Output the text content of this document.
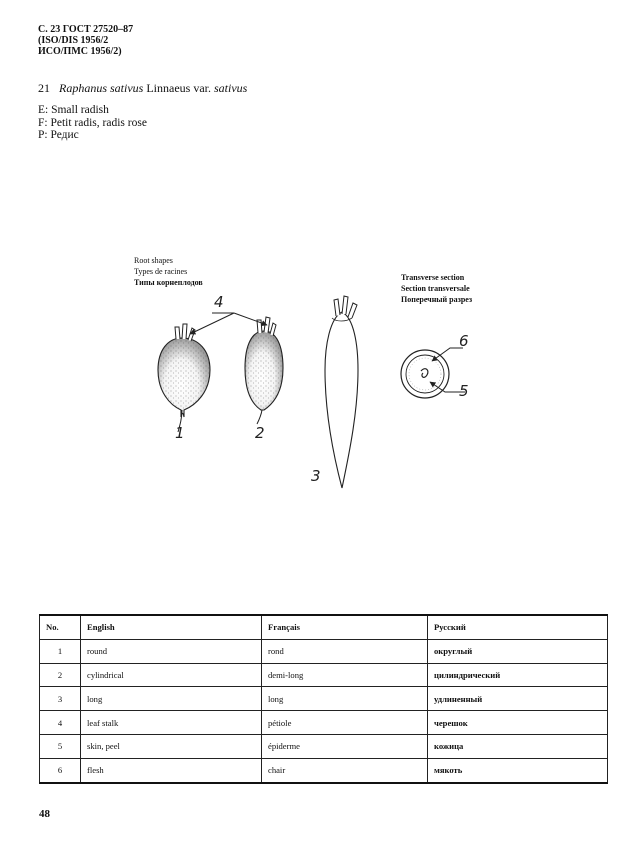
С. 23 ГОСТ 27520–87
(ISO/DIS 1956/2
ИСО/ПМС 1956/2)
21 Raphanus sativus Linnaeus var. sativus
E: Small radish
F: Petit radis, radis rose
P: Редис
Root shapes
Types de racines
Типы корнеплодов
Transverse section
Section transversale
Поперечный разрез
1	2
3
4
5
6
No.	English	Français	Русский
1	round	rond	округлый
2	cylindrical	demi-long	цилиндрический
3	long	long	удлиненный
4	leaf stalk	pétiole	черешок
5	skin, peel	épiderme	кожица
6	flesh	chair	мякоть
48
